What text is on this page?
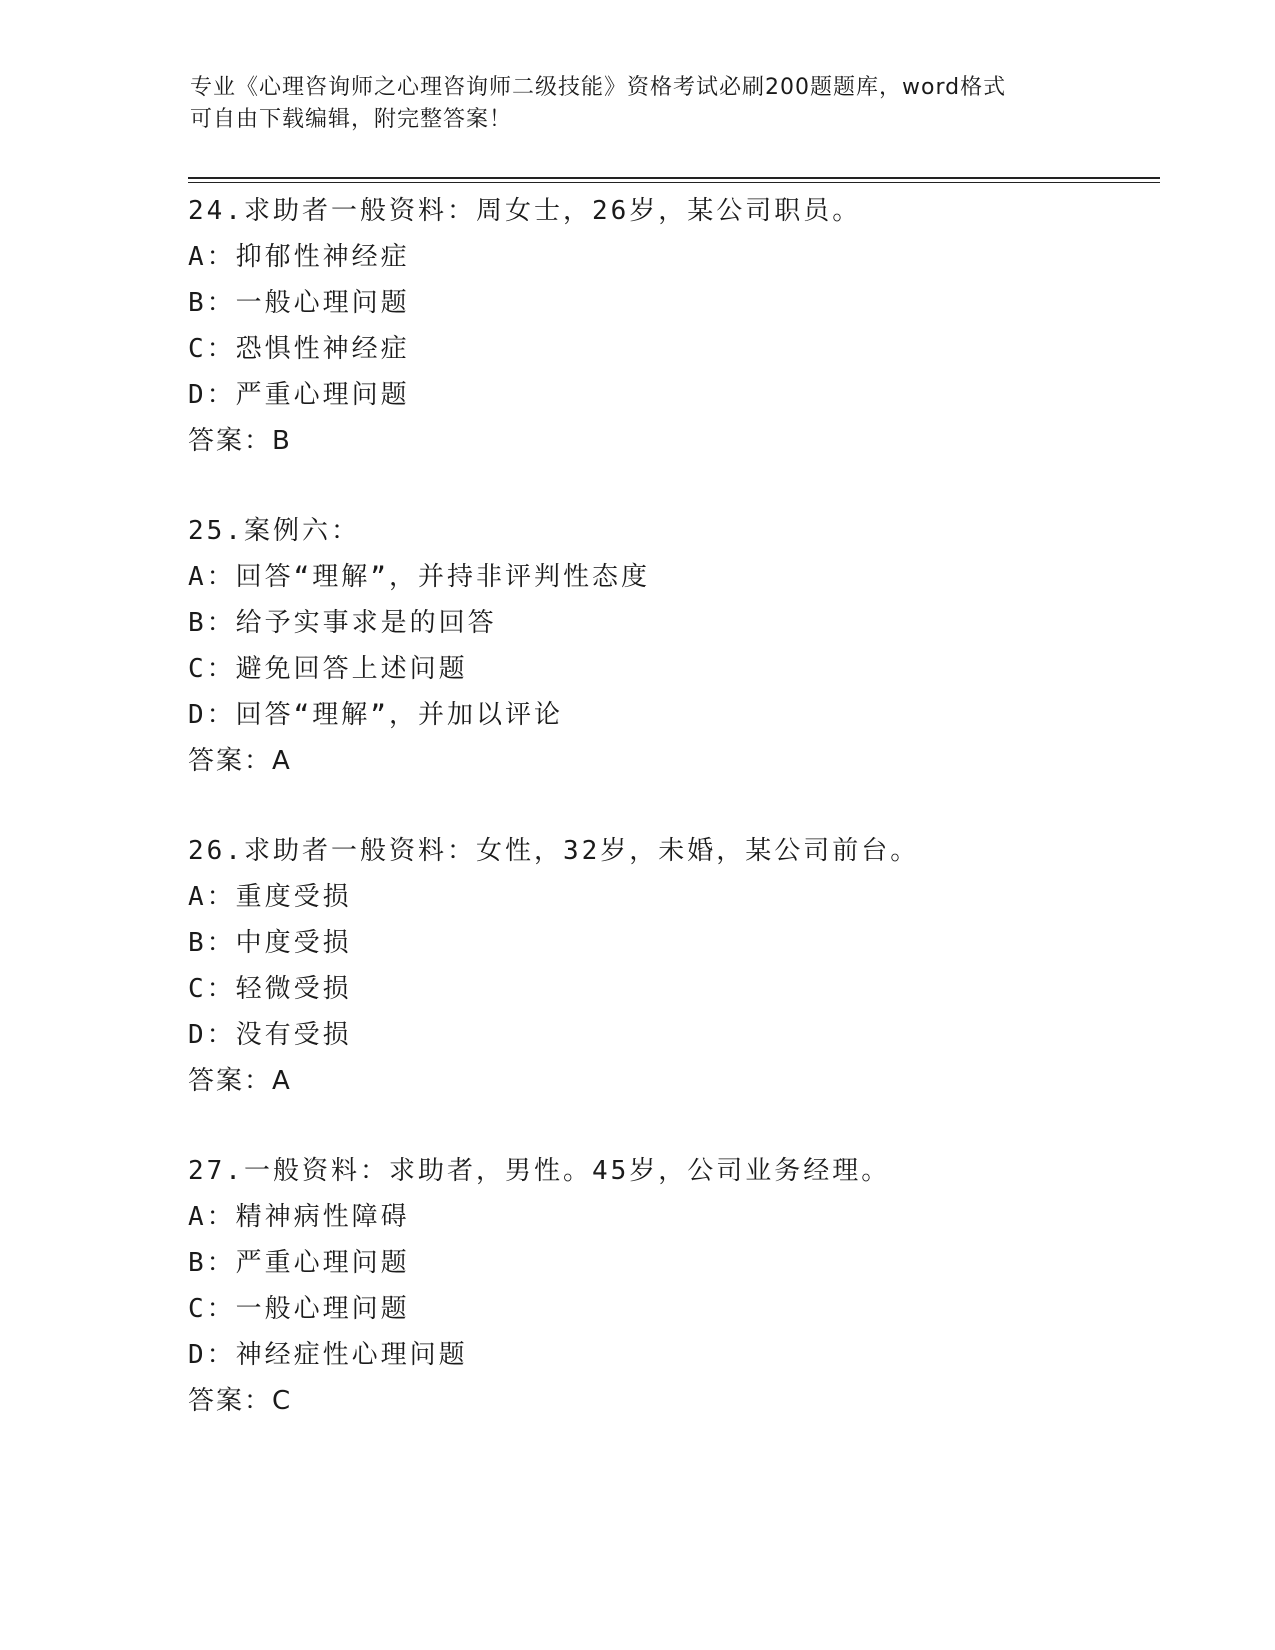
专业《心理咨询师之心理咨询师二级技能》资格考试必刷200题题库，word格式
可自由下载编辑，附完整答案！
24.求助者一般资料：周女士，26岁，某公司职员。
A：抑郁性神经症
B：一般心理问题
C：恐惧性神经症
D：严重心理问题
答案：B
25.案例六：
A：回答“理解”，并持非评判性态度
B：给予实事求是的回答
C：避免回答上述问题
D：回答“理解”，并加以评论
答案：A
26.求助者一般资料：女性，32岁，未婚，某公司前台。
A：重度受损
B：中度受损
C：轻微受损
D：没有受损
答案：A
27.一般资料：求助者，男性。45岁，公司业务经理。
A：精神病性障碍
B：严重心理问题
C：一般心理问题
D：神经症性心理问题
答案：C
